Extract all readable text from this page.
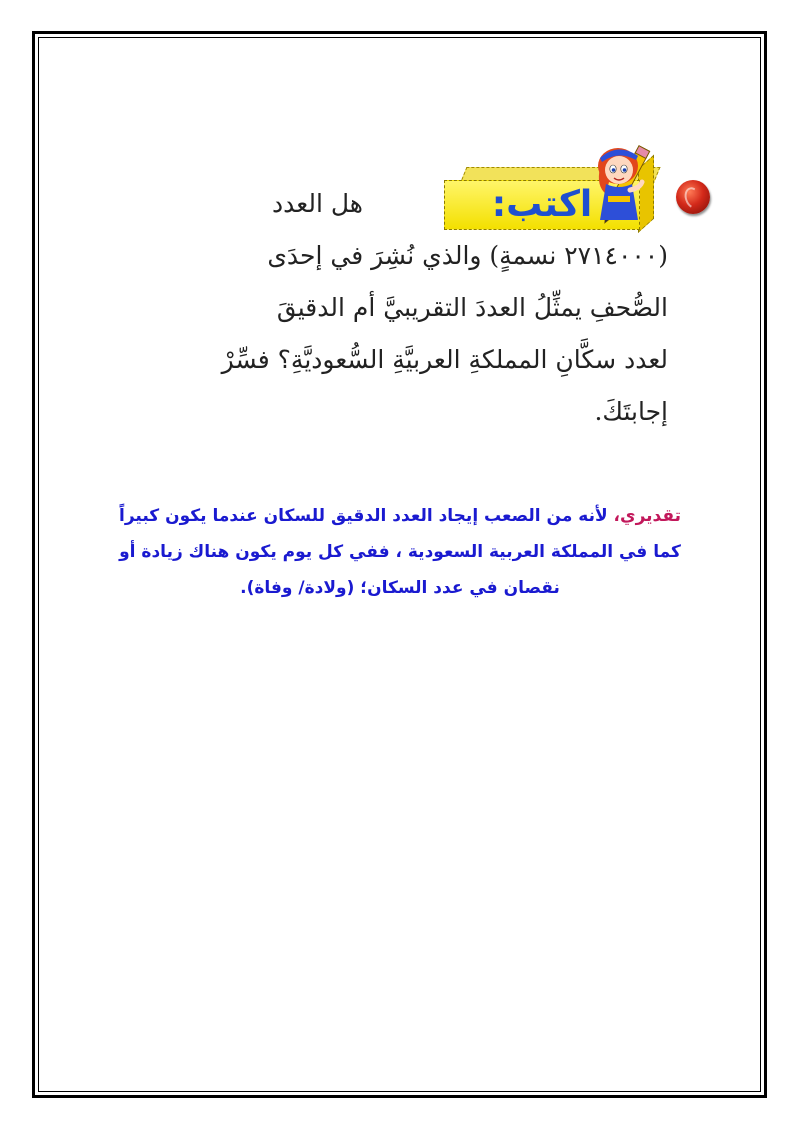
اكتب:
هل العدد
(٢٧١٤٠٠٠ نسمةٍ) والذي نُشِرَ في إحدَى
الصُّحفِ يمثِّلُ العددَ التقريبيَّ أم الدقيقَ
لعدد سكَّانِ المملكةِ العربيَّةِ السُّعوديَّةِ؟ فسِّرْ
إجابتَكَ.
تقديري، لأنه من الصعب إيجاد العدد الدقيق للسكان عندما يكون كبيراً
كما في المملكة العربية السعودية ، ففي كل يوم يكون هناك زيادة أو
نقصان في عدد السكان؛ (ولادة/ وفاة).
